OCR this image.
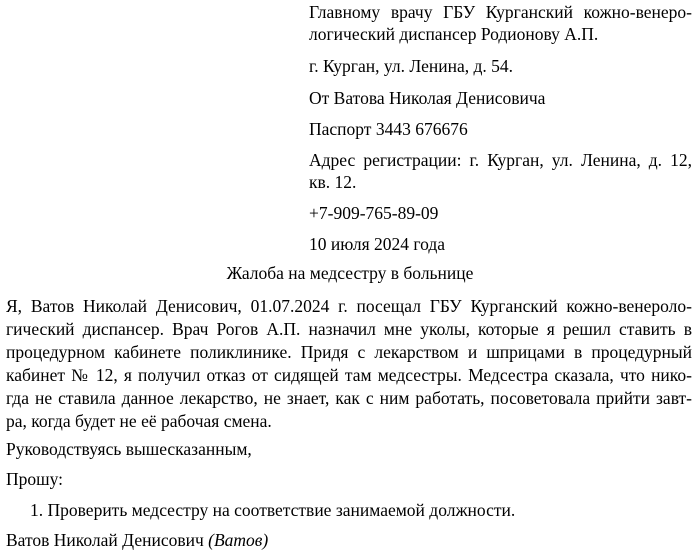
Главному врачу ГБУ Курганский кожно-венеро-
логический диспансер Родионову А.П.
г. Курган, ул. Ленина, д. 54.
От Ватова Николая Денисовича
Паспорт 3443 676676
Адрес регистрации: г. Курган, ул. Ленина, д. 12,
кв. 12.
+7-909-765-89-09
10 июля 2024 года
Жалоба на медсестру в больнице
Я, Ватов Николай Денисович, 01.07.2024 г. посещал ГБУ Курганский кожно-венероло-
гический диспансер. Врач Рогов А.П. назначил мне уколы, которые я решил ставить в
процедурном кабинете поликлинике. Придя с лекарством и шприцами в процедурный
кабинет № 12, я получил отказ от сидящей там медсестры. Медсестра сказала, что нико-
гда не ставила данное лекарство, не знает, как с ним работать, посоветовала прийти завт-
ра, когда будет не её рабочая смена.
Руководствуясь вышесказанным,
Прошу:
1. Проверить медсестру на соответствие занимаемой должности.
Ватов Николай Денисович (Ватов)
